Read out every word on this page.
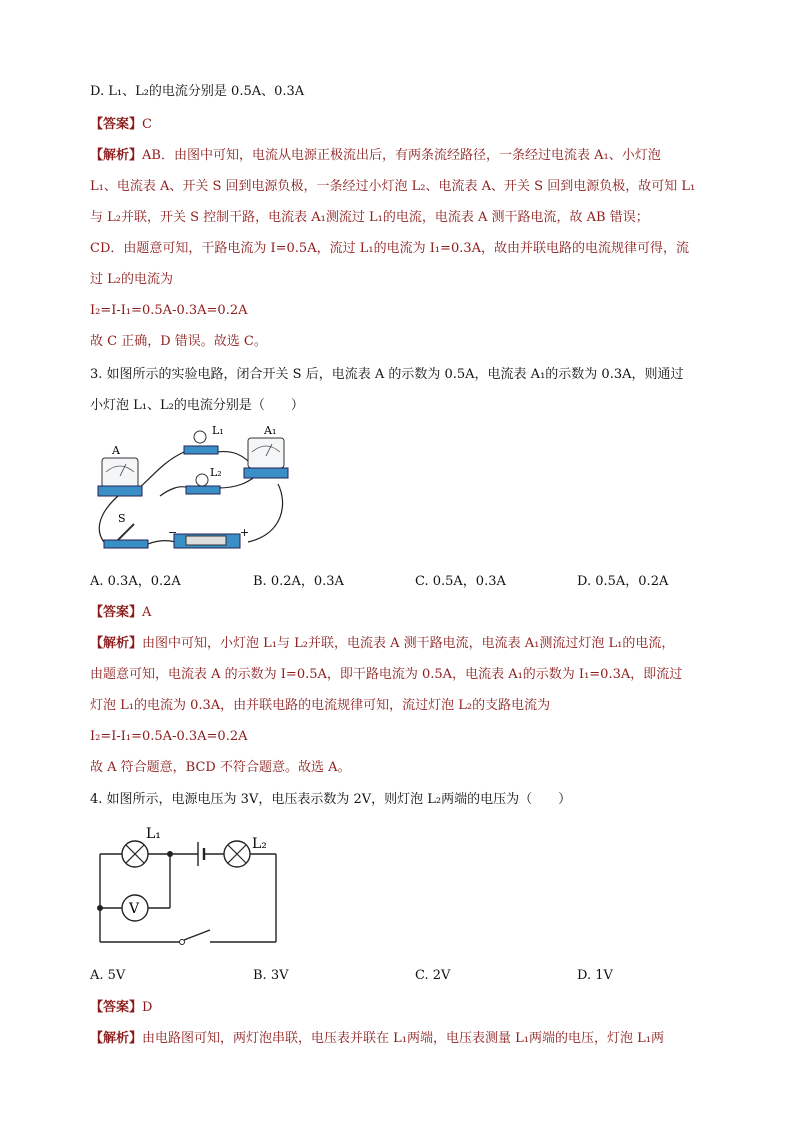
D. L₁、L₂的电流分别是 0.5A、0.3A
【答案】C
【解析】AB．由图中可知，电流从电源正极流出后，有两条流经路径，一条经过电流表 A₁、小灯泡
L₁、电流表 A、开关 S 回到电源负极，一条经过小灯泡 L₂、电流表 A、开关 S 回到电源负极，故可知 L₁
与 L₂并联，开关 S 控制干路，电流表 A₁测流过 L₁的电流，电流表 A 测干路电流，故 AB 错误；
CD．由题意可知，干路电流为 I=0.5A，流过 L₁的电流为 I₁=0.3A，故由并联电路的电流规律可得，流
过 L₂的电流为
I₂=I-I₁=0.5A-0.3A=0.2A
故 C 正确，D 错误。故选 C。
3. 如图所示的实验电路，闭合开关 S 后，电流表 A 的示数为 0.5A，电流表 A₁的示数为 0.3A，则通过
小灯泡 L₁、L₂的电流分别是（　　）
A
A₁
L₁
L₂
S
−	+
A. 0.3A，0.2A	B. 0.2A，0.3A	C. 0.5A，0.3A	D. 0.5A，0.2A
【答案】A
【解析】由图中可知，小灯泡 L₁与 L₂并联，电流表 A 测干路电流，电流表 A₁测流过灯泡 L₁的电流，
由题意可知，电流表 A 的示数为 I=0.5A，即干路电流为 0.5A，电流表 A₁的示数为 I₁=0.3A，即流过
灯泡 L₁的电流为 0.3A，由并联电路的电流规律可知，流过灯泡 L₂的支路电流为
I₂=I-I₁=0.5A-0.3A=0.2A
故 A 符合题意，BCD 不符合题意。故选 A。
4. 如图所示，电源电压为 3V，电压表示数为 2V，则灯泡 L₂两端的电压为（　　）
V
L₁
L₂
A. 5V	B. 3V	C. 2V	D. 1V
【答案】D
【解析】由电路图可知，两灯泡串联，电压表并联在 L₁两端，电压表测量 L₁两端的电压，灯泡 L₁两
